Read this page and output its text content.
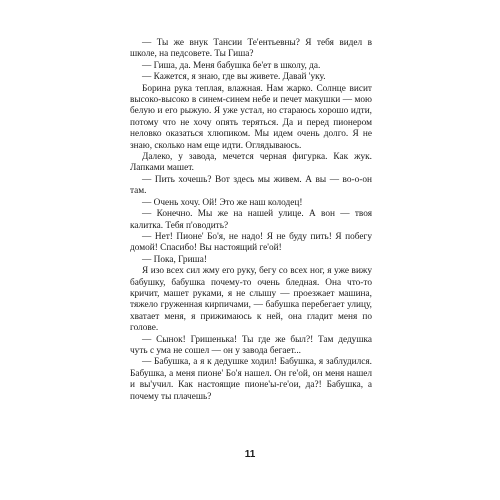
— Ты же внук Тансии Те'ентьевны? Я тебя видел в школе, на педсовете. Ты Гиша?

— Гиша, да. Меня бабушка бе'ет в школу, да.

— Кажется, я знаю, где вы живете. Давай 'уку.

Борина рука теплая, влажная. Нам жарко. Солнце висит высоко-высоко в синем-синем небе и печет макушки — мою белую и его рыжую. Я уже устал, но стараюсь хорошо идти, потому что не хочу опять теряться. Да и перед пионером неловко оказаться хлюпиком. Мы идем очень долго. Я не знаю, сколько нам еще идти. Оглядываюсь.

Далеко, у завода, мечется черная фигурка. Как жук. Лапками машет.

— Пить хочешь? Вот здесь мы живем. А вы — во-о-он там.

— Очень хочу. Ой! Это же наш колодец!

— Конечно. Мы же на нашей улице. А вон — твоя калитка. Тебя п'оводить?

— Нет! Пионе' Бо'я, не надо! Я не буду пить! Я побегу домой! Спасибо! Вы настоящий ге'ой!

— Пока, Гриша!

Я изо всех сил жму его руку, бегу со всех ног, я уже вижу бабушку, бабушка почему-то очень бледная. Она что-то кричит, машет руками, я не слышу — проезжает машина, тяжело груженная кирпичами, — бабушка перебегает улицу, хватает меня, я прижимаюсь к ней, она гладит меня по голове.

— Сынок! Гришенька! Ты где же был?! Там дедушка чуть с ума не сошел — он у завода бегает...

— Бабушка, а я к дедушке ходил! Бабушка, я заблудился. Бабушка, а меня пионе' Бо'я нашел. Он ге'ой, он меня нашел и вы'учил. Как настоящие пионе'ы-ге'ои, да?! Бабушка, а почему ты плачешь?

11
